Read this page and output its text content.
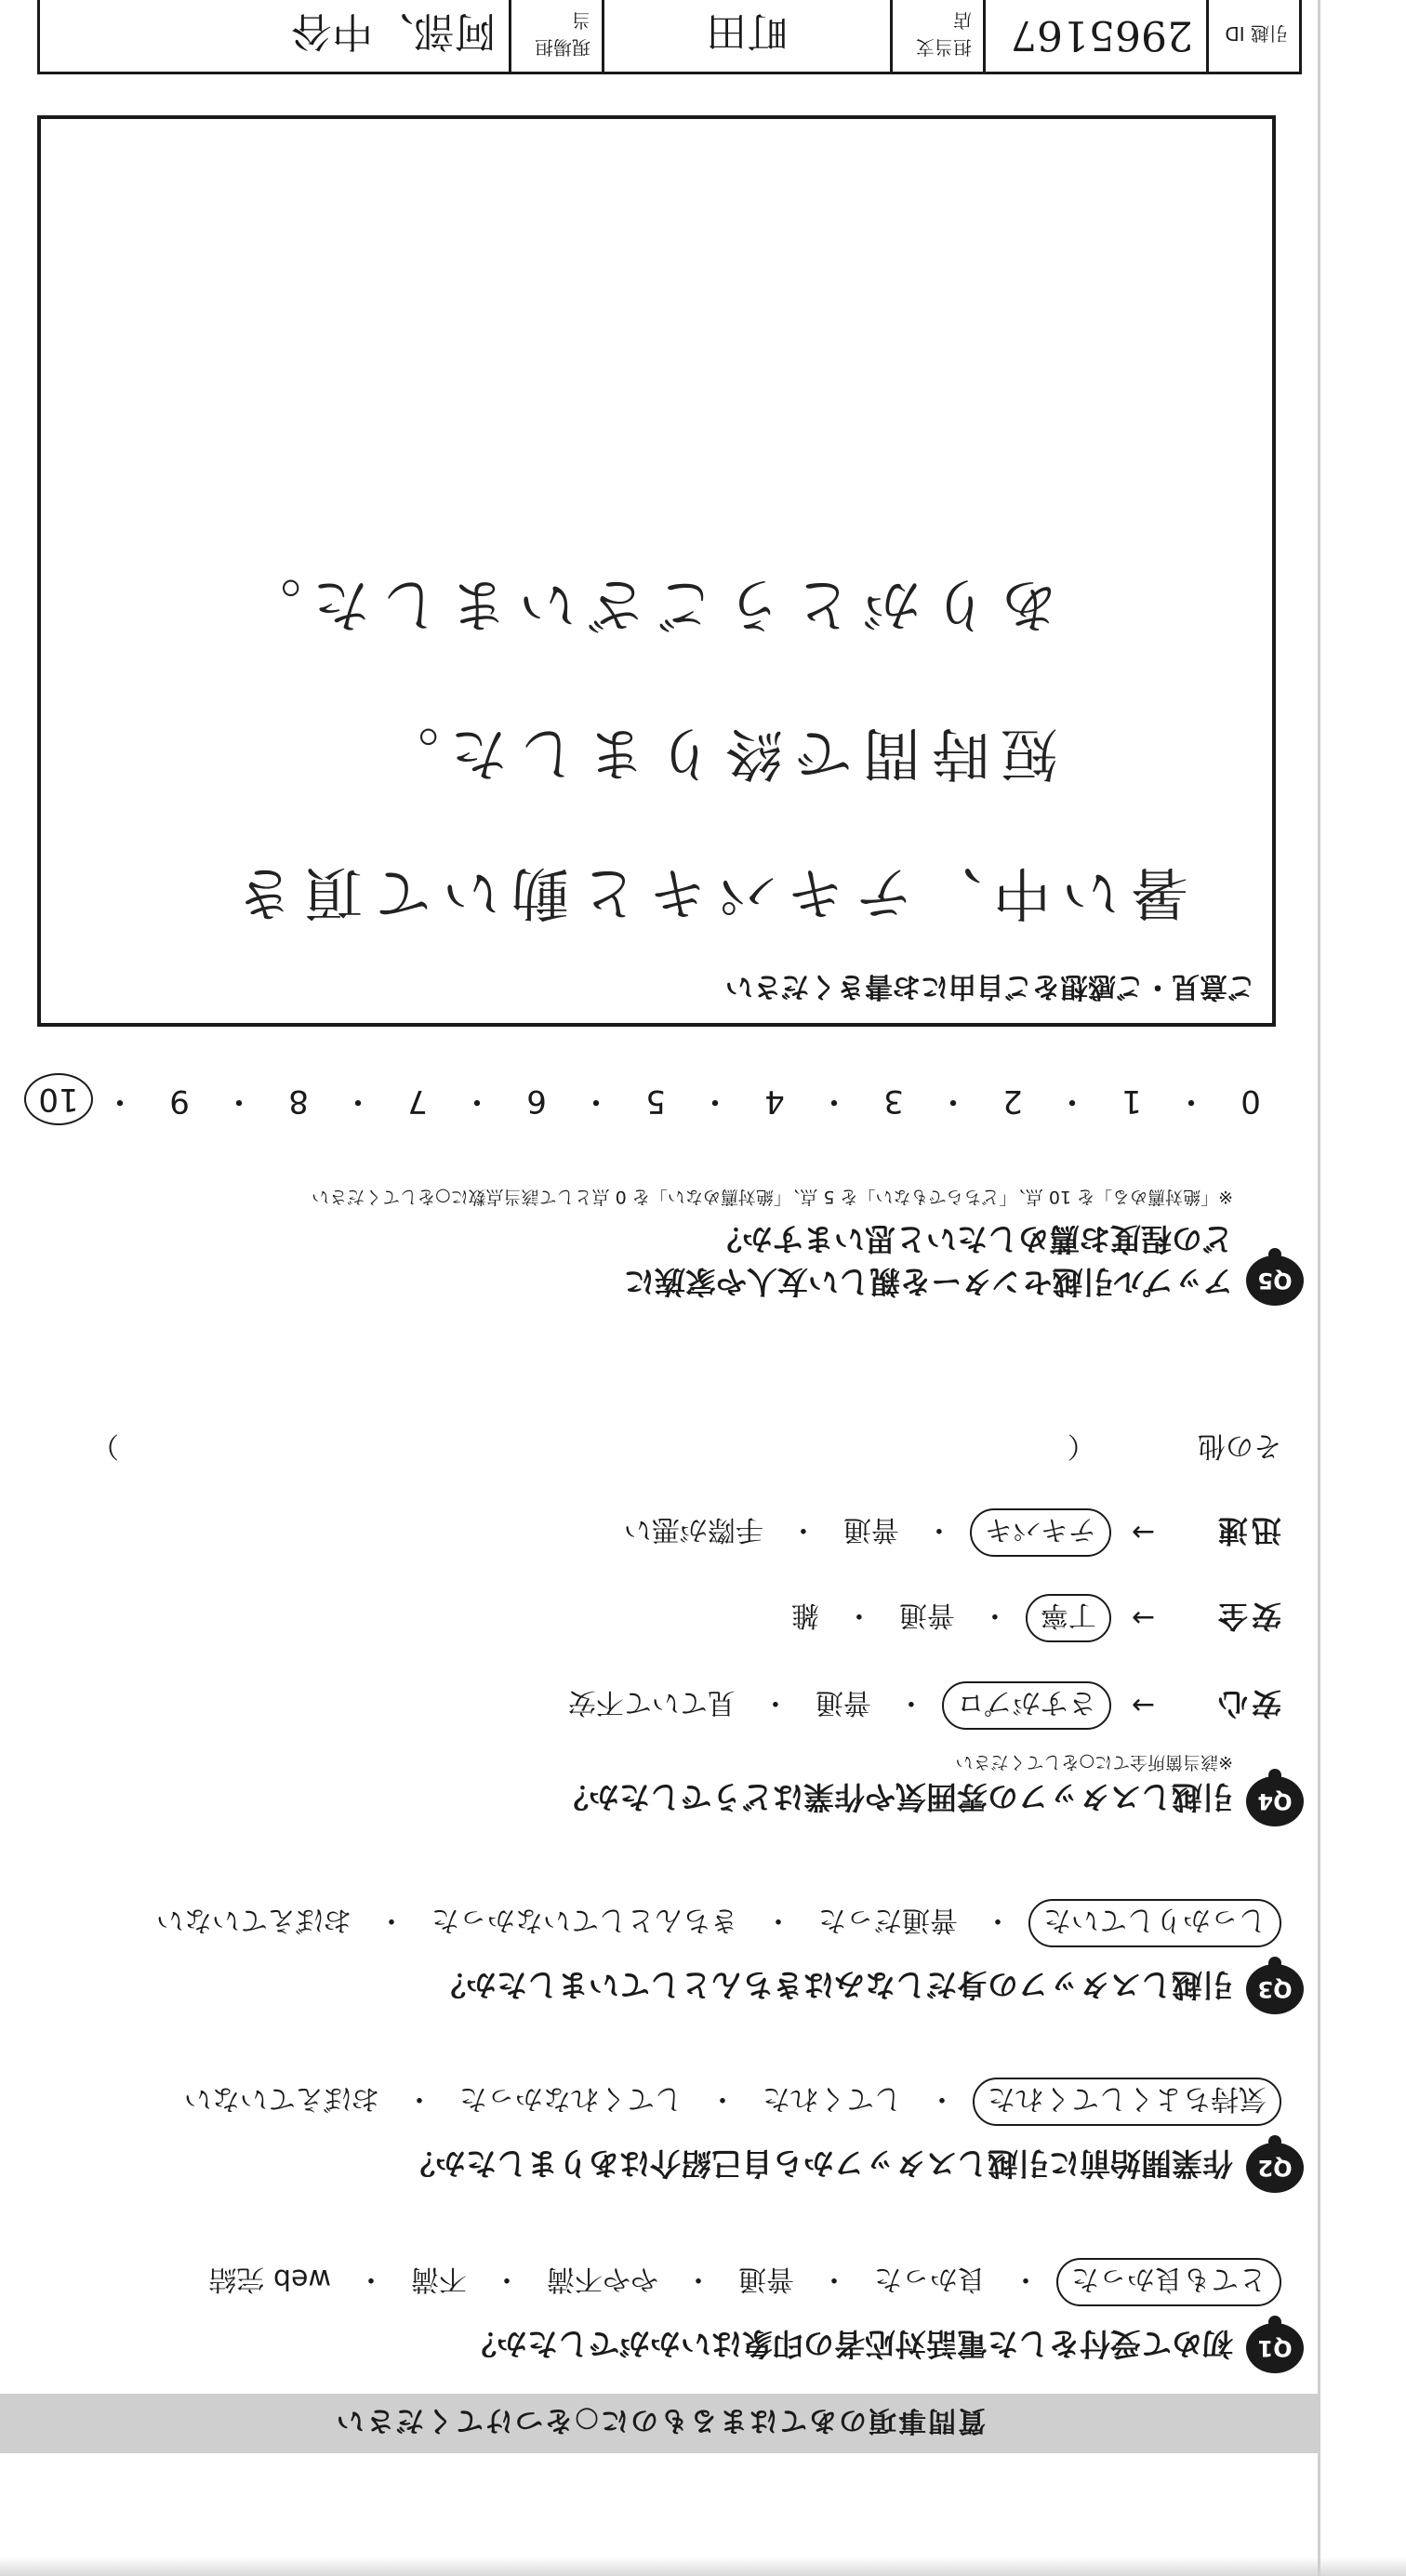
質問事項のあてはまるものに○をつけてください
Q1
初めて受付をした電話対応者の印象はいかがでしたか？
とても良かった
・
良かった
・
普通
・
やや不満
・
不満
・
web 完結
Q2
作業開始前に引越しスタッフから自己紹介はありましたか？
気持ちよくしてくれた
・
してくれた
・
してくれなかった
・
おぼえていない
Q3
引越しスタッフの身だしなみはきちんとしていましたか？
しっかりしていた
・
普通だった
・
きちんとしていなかった
・
おぼえていない
Q4
引越しスタッフの雰囲気や作業はどうでしたか？
※該当箇所全てに○をしてください
安心
→
さすがプロ
・
普通
・
見ていて不安
安全
→
丁寧
・
普通
・
雑
迅速
→
テキパキ
・
普通
・
手際が悪い
その他
（
）
Q5
アップル引越センターを親しい友人や家族に
どの程度お薦めしたいと思いますか？
※「絶対薦める」を 10 点、「どちらでもない」を 5 点、「絶対薦めない」を 0 点として該当点数に○をしてください
10 ・	9	・	8	・	7	・	6	・	5	・	4	・	3	・	2	・	1	・	0
ご意見・ご感想をご自由にお書きください
暑い中、テキパキと動いて頂き
短時間で終りました。
ありがとうございました。
引越 ID
2965167
担当支店
町田
現場担当
阿部、中谷
